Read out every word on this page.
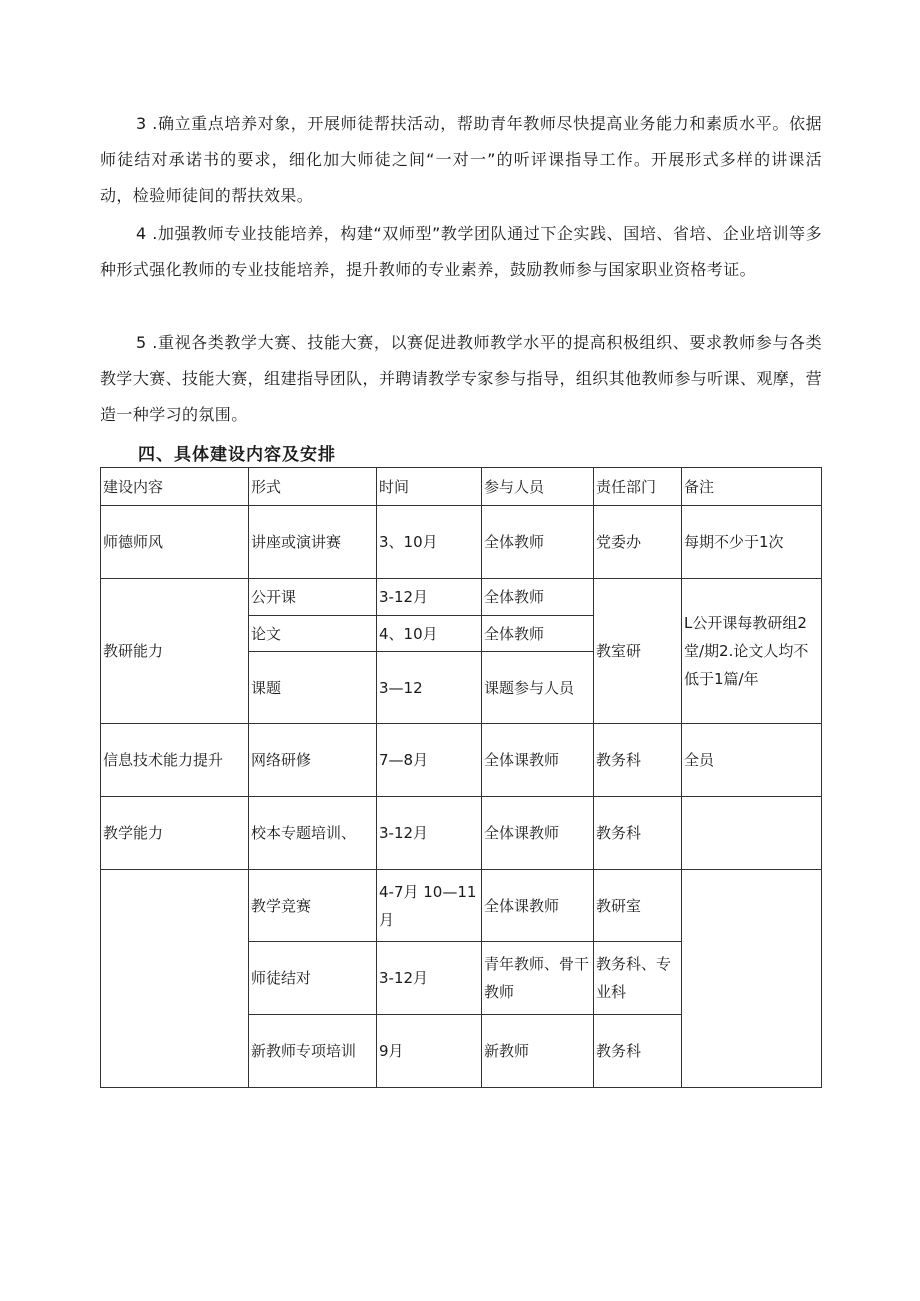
3 .确立重点培养对象，开展师徒帮扶活动，帮助青年教师尽快提高业务能力和素质水平。依据师徒结对承诺书的要求，细化加大师徒之间“一对一”的听评课指导工作。开展形式多样的讲课活动，检验师徒间的帮扶效果。

4 .加强教师专业技能培养，构建“双师型”教学团队通过下企实践、国培、省培、企业培训等多种形式强化教师的专业技能培养，提升教师的专业素养，鼓励教师参与国家职业资格考证。

5 .重视各类教学大赛、技能大赛，以赛促进教师教学水平的提高积极组织、要求教师参与各类教学大赛、技能大赛，组建指导团队，并聘请教学专家参与指导，组织其他教师参与听课、观摩，营造一种学习的氛围。

四、具体建设内容及安排
建设内容	形式	时间	参与人员	责任部门	备注
师德师风	讲座或演讲赛	3、10月	全体教师	党委办	每期不少于1次
教研能力	公开课	3-12月	全体教师	教室研	L公开课每教研组2堂/期2.论文人均不低于1篇/年
	论文	4、10月	全体教师		
	课题	3—12	课题参与人员		
信息技术能力提升	网络研修	7—8月	全体课教师	教务科	全员
教学能力	校本专题培训、	3-12月	全体课教师	教务科	
	教学竞赛	4-7月 10—11月	全体课教师	教研室	
	师徒结对	3-12月	青年教师、骨干教师	教务科、专业科	
	新教师专项培训	9月	新教师	教务科	
